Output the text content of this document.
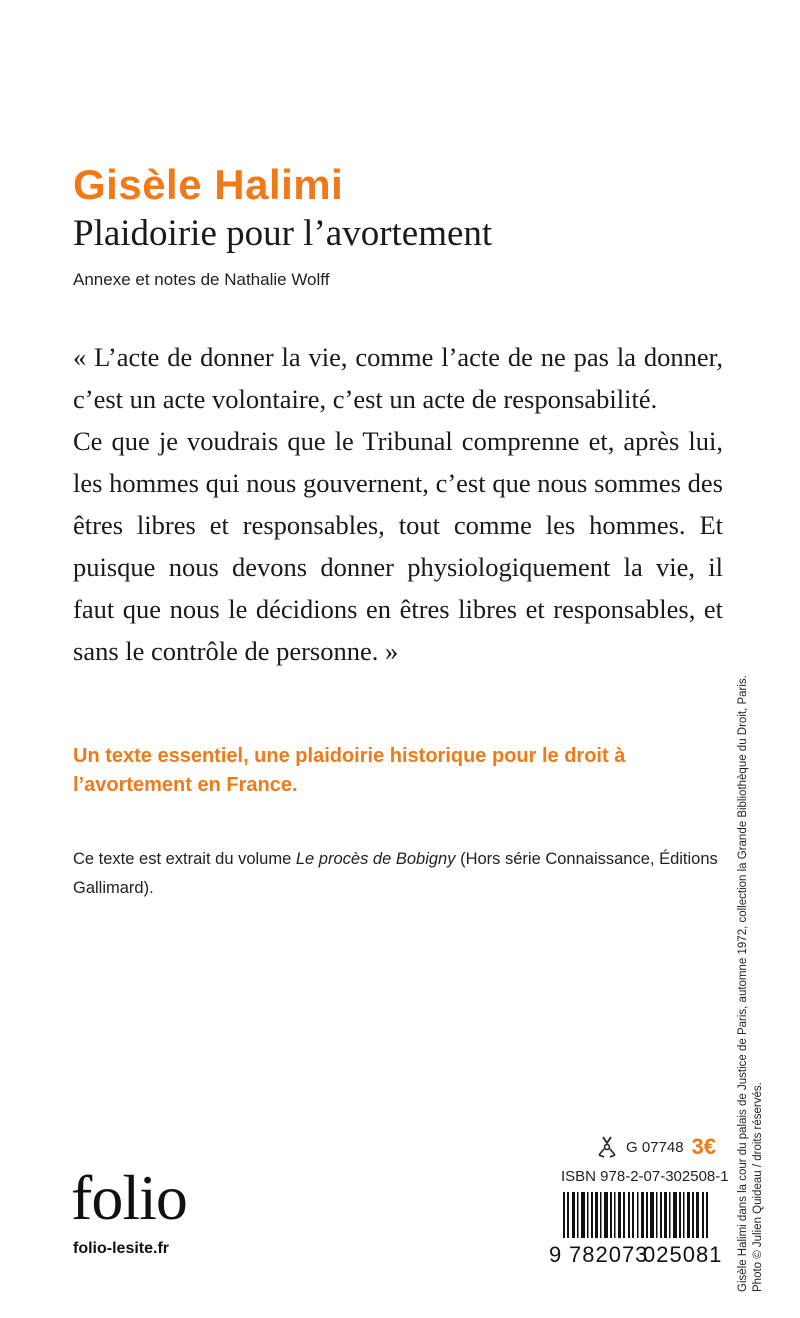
Gisèle Halimi
Plaidoirie pour l’avortement
Annexe et notes de Nathalie Wolff

« L’acte de donner la vie, comme l’acte de ne pas la donner, c’est un acte volontaire, c’est un acte de responsabilité.

Ce que je voudrais que le Tribunal comprenne et, après lui, les hommes qui nous gouvernent, c’est que nous sommes des êtres libres et responsables, tout comme les hommes. Et puisque nous devons donner physiologiquement la vie, il faut que nous le décidions en êtres libres et responsables, et sans le contrôle de personne. »

Un texte essentiel, une plaidoirie historique pour le droit à l’avortement en France.
Ce texte est extrait du volume Le procès de Bobigny (Hors série Connaissance, Éditions Gallimard).	Gisèle Halimi dans la cour du palais de Justice de Paris, automne 1972, collection la Grande Bibliothèque du Droit, Paris. Photo © Julien Quideau / droits réservés.
folio
folio-lesite.fr
G 07748 3€
ISBN 978-2-07-302508-1
9 782073
025081
